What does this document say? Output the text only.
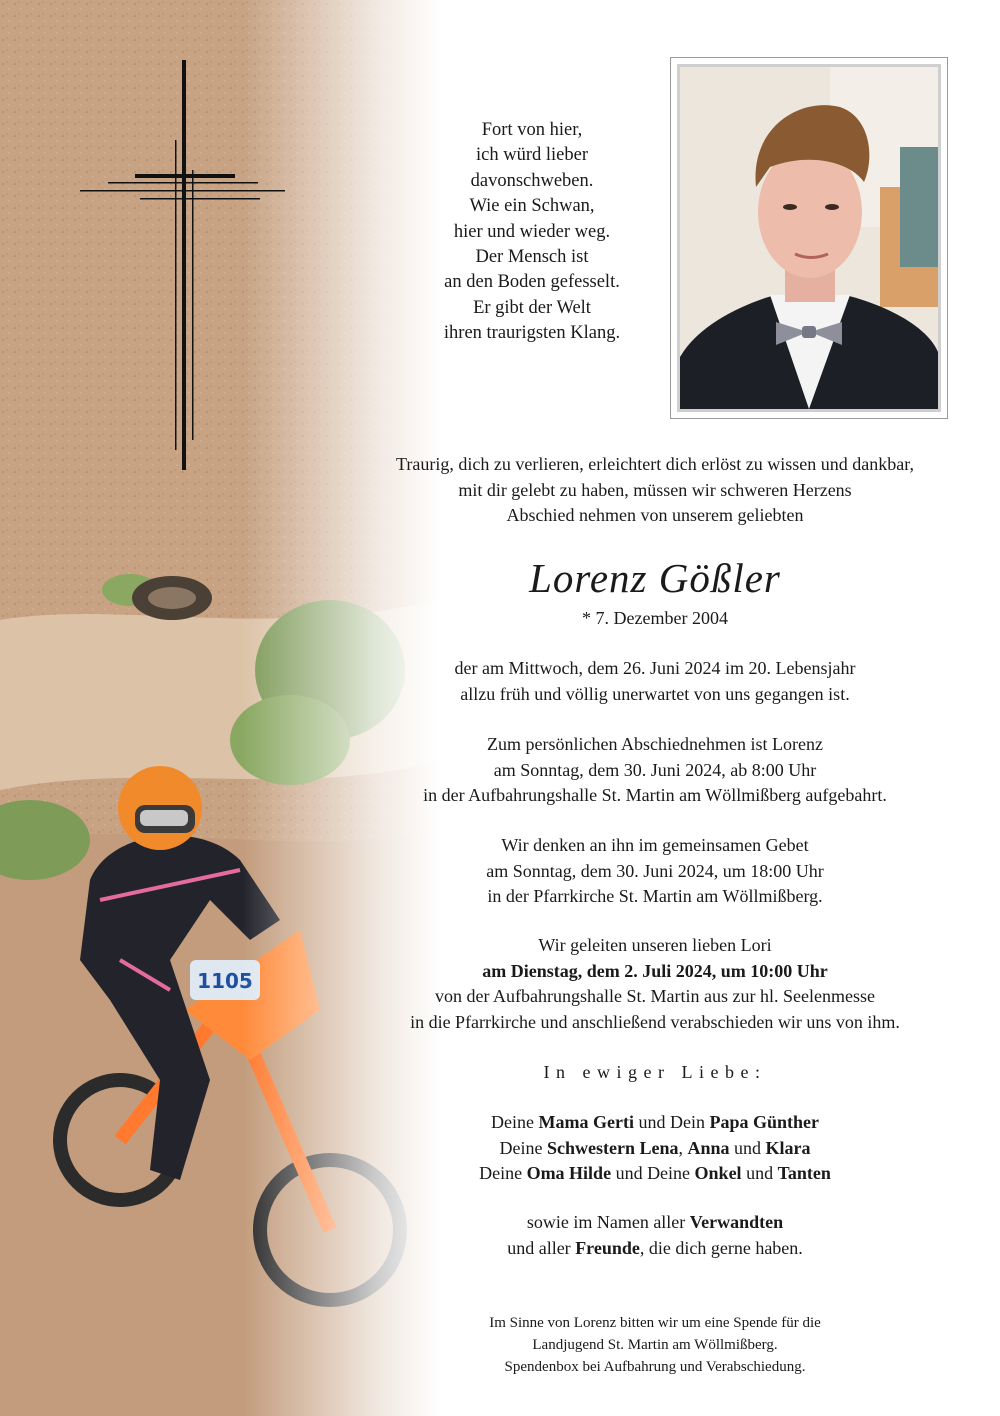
Fort von hier,
ich würd lieber
davonschweben.
Wie ein Schwan,
hier und wieder weg.
Der Mensch ist
an den Boden gefesselt.
Er gibt der Welt
ihren traurigsten Klang.
Traurig, dich zu verlieren, erleichtert dich erlöst zu wissen und dankbar,
mit dir gelebt zu haben, müssen wir schweren Herzens
Abschied nehmen von unserem geliebten
Lorenz Gößler
* 7. Dezember 2004
der am Mittwoch, dem 26. Juni 2024 im 20. Lebensjahr
allzu früh und völlig unerwartet von uns gegangen ist.
Zum persönlichen Abschiednehmen ist Lorenz
am Sonntag, dem 30. Juni 2024, ab 8:00 Uhr
in der Aufbahrungshalle St. Martin am Wöllmißberg aufgebahrt.
Wir denken an ihn im gemeinsamen Gebet
am Sonntag, dem 30. Juni 2024, um 18:00 Uhr
in der Pfarrkirche St. Martin am Wöllmißberg.
Wir geleiten unseren lieben Lori
am Dienstag, dem 2. Juli 2024, um 10:00 Uhr
von der Aufbahrungshalle St. Martin aus zur hl. Seelenmesse
in die Pfarrkirche und anschließend verabschieden wir uns von ihm.
In ewiger Liebe:
Deine Mama Gerti und Dein Papa Günther
Deine Schwestern Lena, Anna und Klara
Deine Oma Hilde und Deine Onkel und Tanten
sowie im Namen aller Verwandten
und aller Freunde, die dich gerne haben.
Im Sinne von Lorenz bitten wir um eine Spende für die
Landjugend St. Martin am Wöllmißberg.
Spendenbox bei Aufbahrung und Verabschiedung.
